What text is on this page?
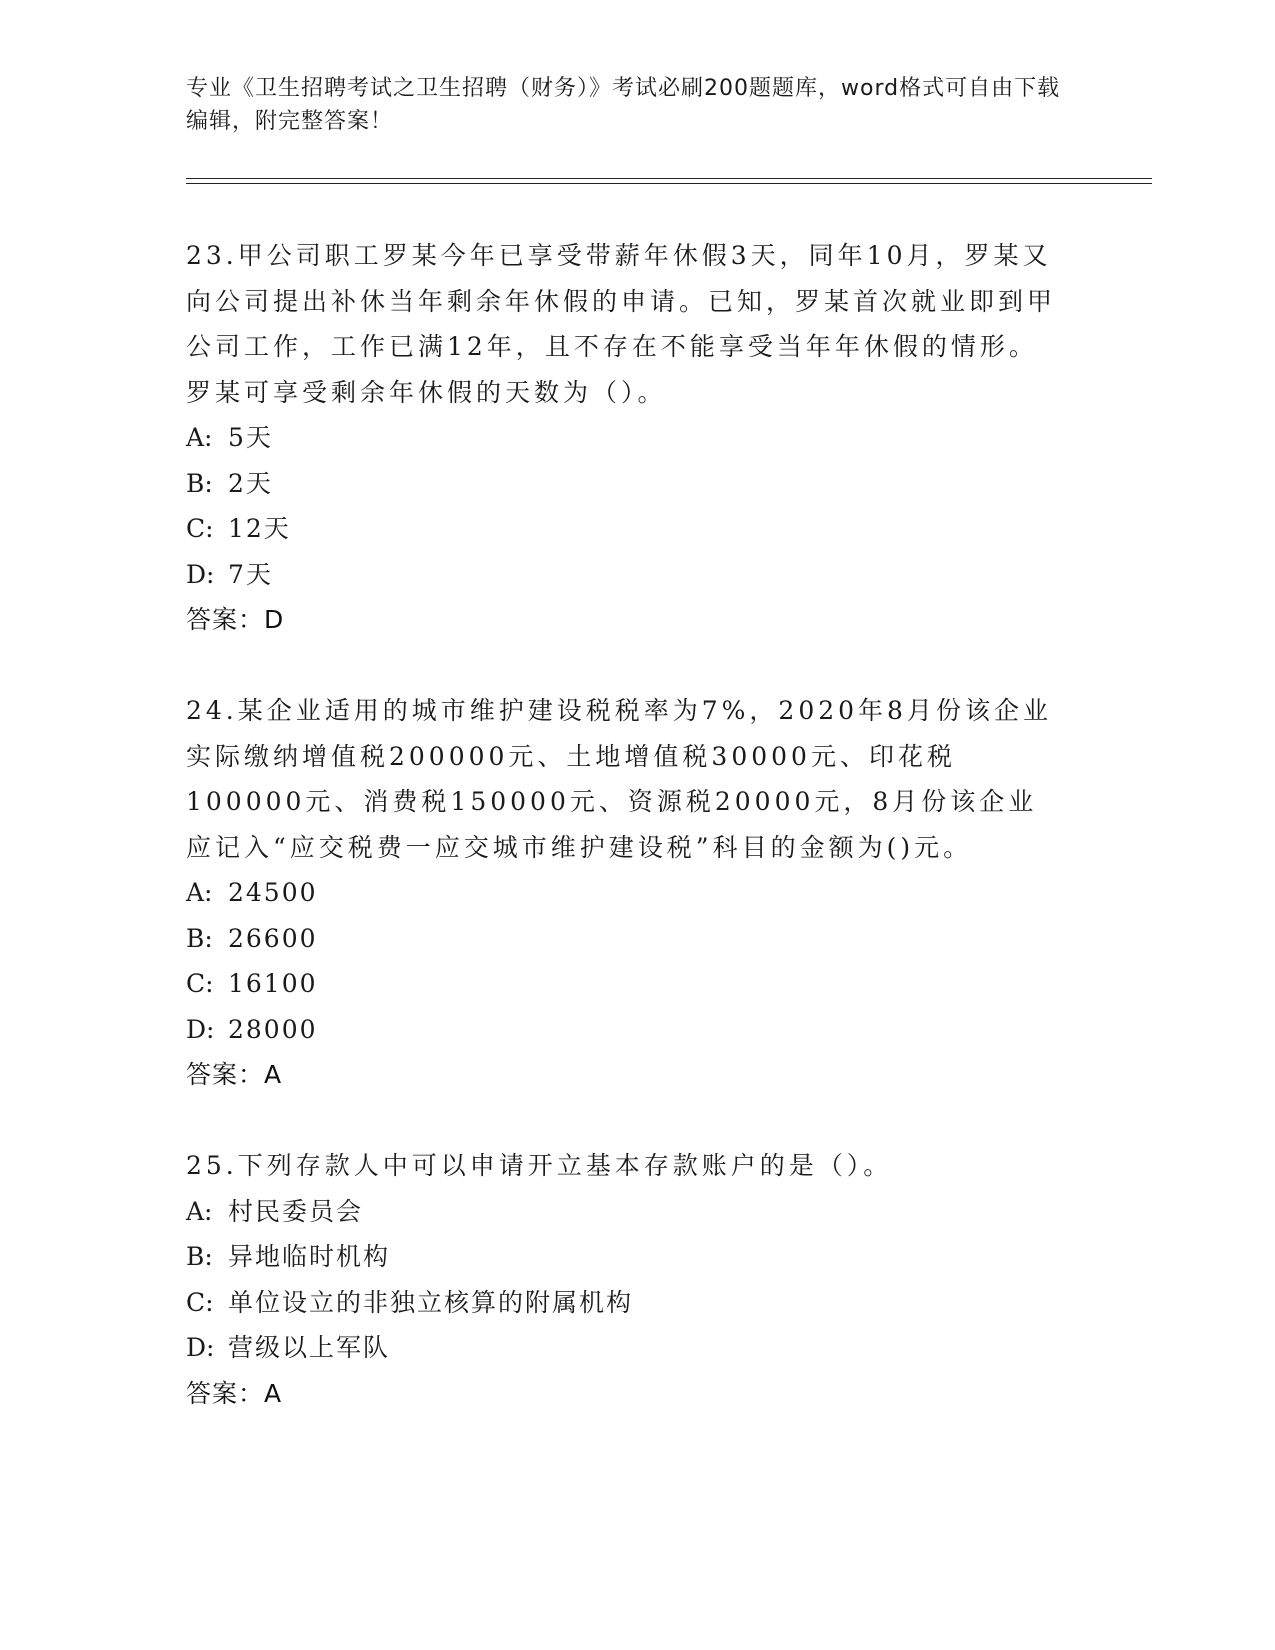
专业《卫生招聘考试之卫生招聘（财务）》考试必刷200题题库，word格式可自由下载编辑，附完整答案！

23.甲公司职工罗某今年已享受带薪年休假3天，同年10月，罗某又向公司提出补休当年剩余年休假的申请。已知，罗某首次就业即到甲公司工作，工作已满12年，且不存在不能享受当年年休假的情形。罗某可享受剩余年休假的天数为（）。

A: 5天
B: 2天
C: 12天
D: 7天
答案：D

24.某企业适用的城市维护建设税税率为7%，2020年8月份该企业实际缴纳增值税200000元、土地增值税30000元、印花税100000元、消费税150000元、资源税20000元，8月份该企业应记入“应交税费一应交城市维护建设税”科目的金额为()元。

A: 24500
B: 26600
C: 16100
D: 28000
答案：A

25.下列存款人中可以申请开立基本存款账户的是（）。

A: 村民委员会
B: 异地临时机构
C: 单位设立的非独立核算的附属机构
D: 营级以上军队
答案：A
